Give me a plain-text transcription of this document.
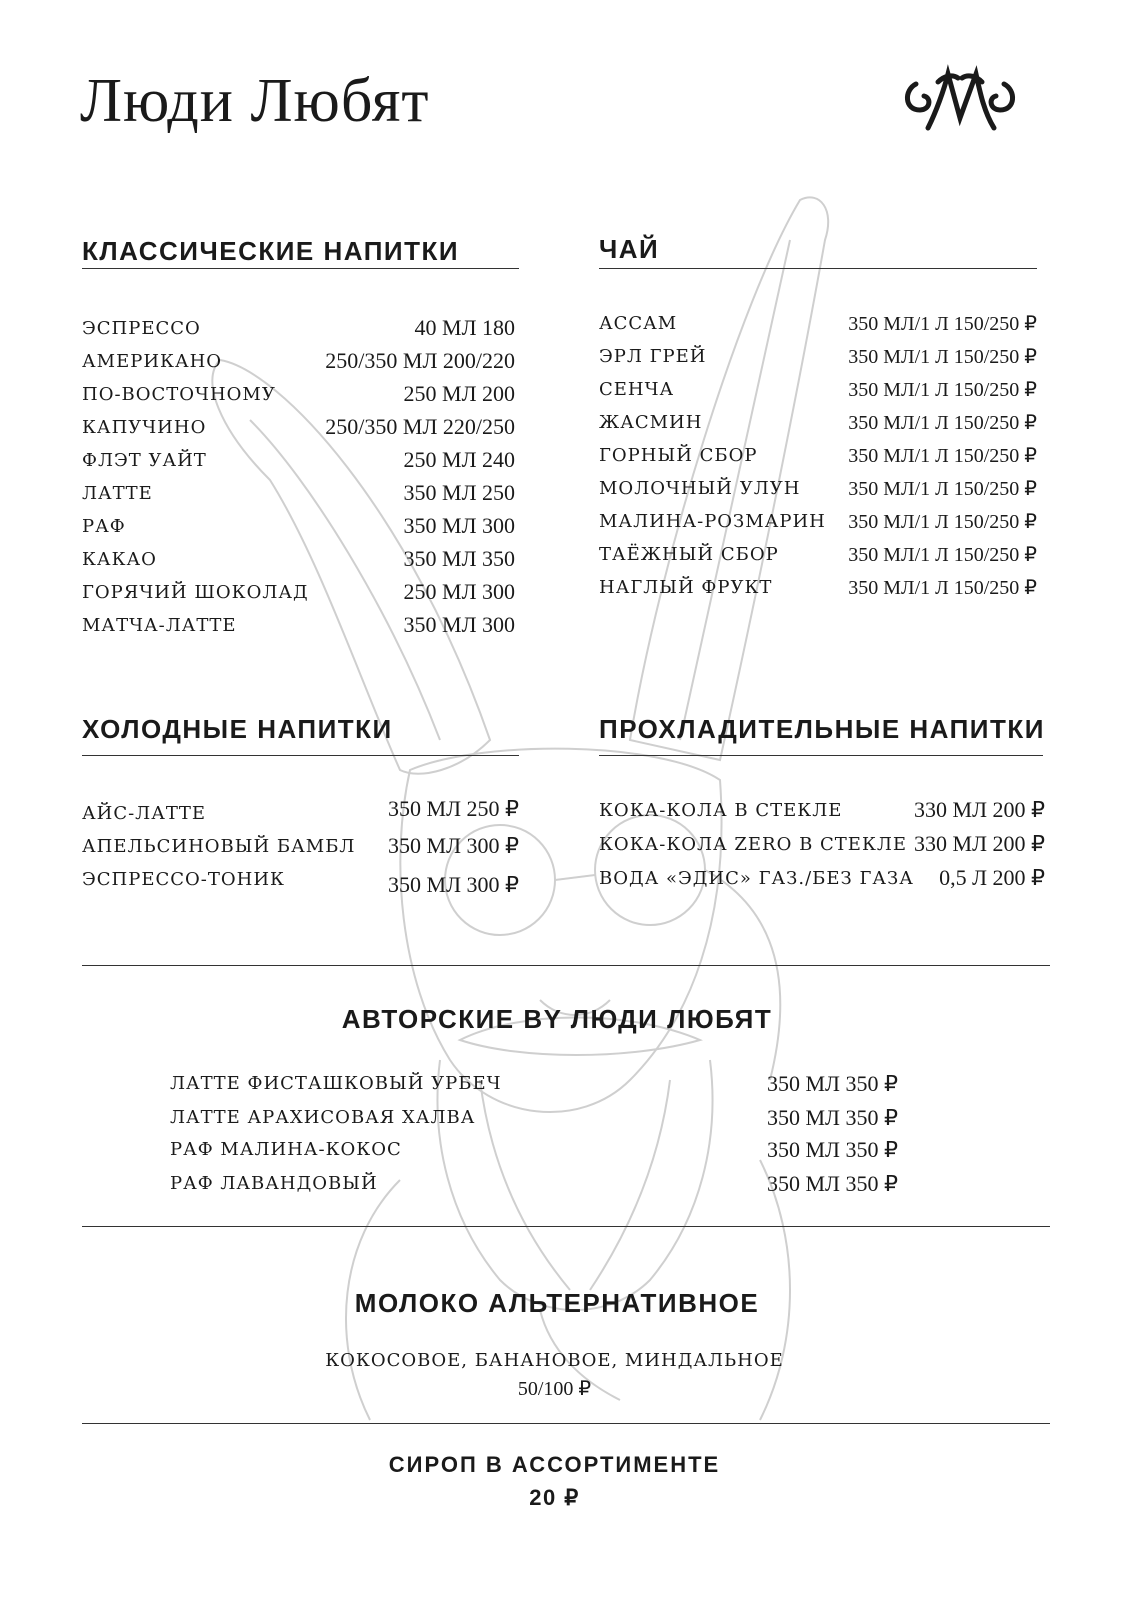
Люди Любят
КЛАССИЧЕСКИЕ НАПИТКИ
ЭСПРЕССО	40 МЛ 180
АМЕРИКАНО	250/350 МЛ 200/220
ПО-ВОСТОЧНОМУ	250 МЛ 200
КАПУЧИНО	250/350 МЛ 220/250
ФЛЭТ УАЙТ	250 МЛ 240
ЛАТТЕ	350 МЛ 250
РАФ	350 МЛ 300
КАКАО	350 МЛ 350
ГОРЯЧИЙ ШОКОЛАД	250 МЛ 300
МАТЧА-ЛАТТЕ	350 МЛ 300
ЧАЙ
АССАМ	350 МЛ/1 Л 150/250 ₽
ЭРЛ ГРЕЙ	350 МЛ/1 Л 150/250 ₽
СЕНЧА	350 МЛ/1 Л 150/250 ₽
ЖАСМИН	350 МЛ/1 Л 150/250 ₽
ГОРНЫЙ СБОР	350 МЛ/1 Л 150/250 ₽
МОЛОЧНЫЙ УЛУН 350 МЛ/1 Л 150/250 ₽
МАЛИНА-РОЗМАРИН 350 МЛ/1 Л 150/250 ₽
ТАЁЖНЫЙ СБОР	350 МЛ/1 Л 150/250 ₽
НАГЛЫЙ ФРУКТ	350 МЛ/1 Л 150/250 ₽
ХОЛОДНЫЕ НАПИТКИ
АЙС-ЛАТТЕ	350 МЛ 250 ₽
АПЕЛЬСИНОВЫЙ БАМБЛ 350 МЛ 300 ₽
ЭСПРЕССО-ТОНИК	350 МЛ 300 ₽
ПРОХЛАДИТЕЛЬНЫЕ НАПИТКИ
КОКА-КОЛА В СТЕКЛЕ	330 МЛ 200 ₽
КОКА-КОЛА ZERO В СТЕКЛЕ 330 МЛ 200 ₽
ВОДА «ЭДИС» ГАЗ./БЕЗ ГАЗА 0,5 Л 200 ₽
АВТОРСКИЕ BY ЛЮДИ ЛЮБЯТ
ЛАТТЕ ФИСТАШКОВЫЙ УРБЕЧ	350 МЛ 350 ₽
ЛАТТЕ АРАХИСОВАЯ ХАЛВА	350 МЛ 350 ₽
РАФ МАЛИНА-КОКОС	350 МЛ 350 ₽
РАФ ЛАВАНДОВЫЙ	350 МЛ 350 ₽
МОЛОКО АЛЬТЕРНАТИВНОЕ
КОКОСОВОЕ, БАНАНОВОЕ, МИНДАЛЬНОЕ
50/100 ₽
СИРОП В АССОРТИМЕНТЕ
20 ₽
